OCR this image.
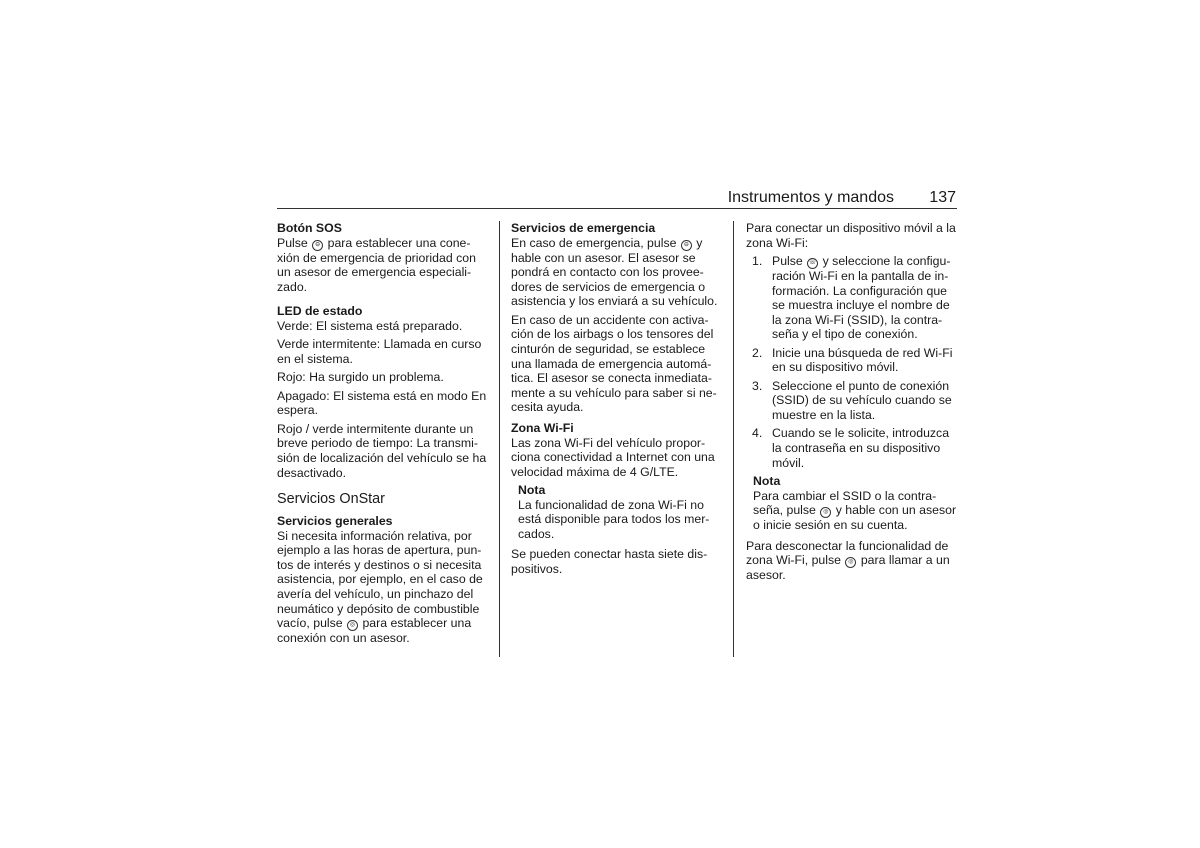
Instrumentos y mandos	137
Botón SOS

Pulse ⊖ para establecer una cone- xión de emergencia de prioridad con un asesor de emergencia especiali- zado.

LED de estado

Verde: El sistema está preparado.

Verde intermitente: Llamada en curso en el sistema.

Rojo: Ha surgido un problema.

Apagado: El sistema está en modo En espera.

Rojo / verde intermitente durante un breve periodo de tiempo: La transmi- sión de localización del vehículo se ha desactivado.

Servicios OnStar
Servicios generales

Si necesita información relativa, por ejemplo a las horas de apertura, pun- tos de interés y destinos o si necesita asistencia, por ejemplo, en el caso de avería del vehículo, un pinchazo del neumático y depósito de combustible vacío, pulse ◎ para establecer una conexión con un asesor.

Servicios de emergencia

En caso de emergencia, pulse ⊖ y hable con un asesor. El asesor se pondrá en contacto con los provee- dores de servicios de emergencia o asistencia y los enviará a su vehículo.

En caso de un accidente con activa- ción de los airbags o los tensores del cinturón de seguridad, se establece una llamada de emergencia automá- tica. El asesor se conecta inmediata- mente a su vehículo para saber si ne- cesita ayuda.

Zona Wi-Fi

Las zona Wi-Fi del vehículo propor- ciona conectividad a Internet con una velocidad máxima de 4 G/LTE.

Nota

La funcionalidad de zona Wi-Fi no está disponible para todos los mer- cados.

Se pueden conectar hasta siete dis- positivos.

Para conectar un dispositivo móvil a la zona Wi-Fi:

1. Pulse ☏ y seleccione la configu- ración Wi-Fi en la pantalla de in- formación. La configuración que se muestra incluye el nombre de la zona Wi-Fi (SSID), la contra- seña y el tipo de conexión.
2. Inicie una búsqueda de red Wi-Fi en su dispositivo móvil.
3. Seleccione el punto de conexión (SSID) de su vehículo cuando se muestre en la lista.
4. Cuando se le solicite, introduzca la contraseña en su dispositivo móvil.
Nota

Para cambiar el SSID o la contra- seña, pulse ◎ y hable con un asesor o inicie sesión en su cuenta.

Para desconectar la funcionalidad de zona Wi-Fi, pulse ◎ para llamar a un asesor.
